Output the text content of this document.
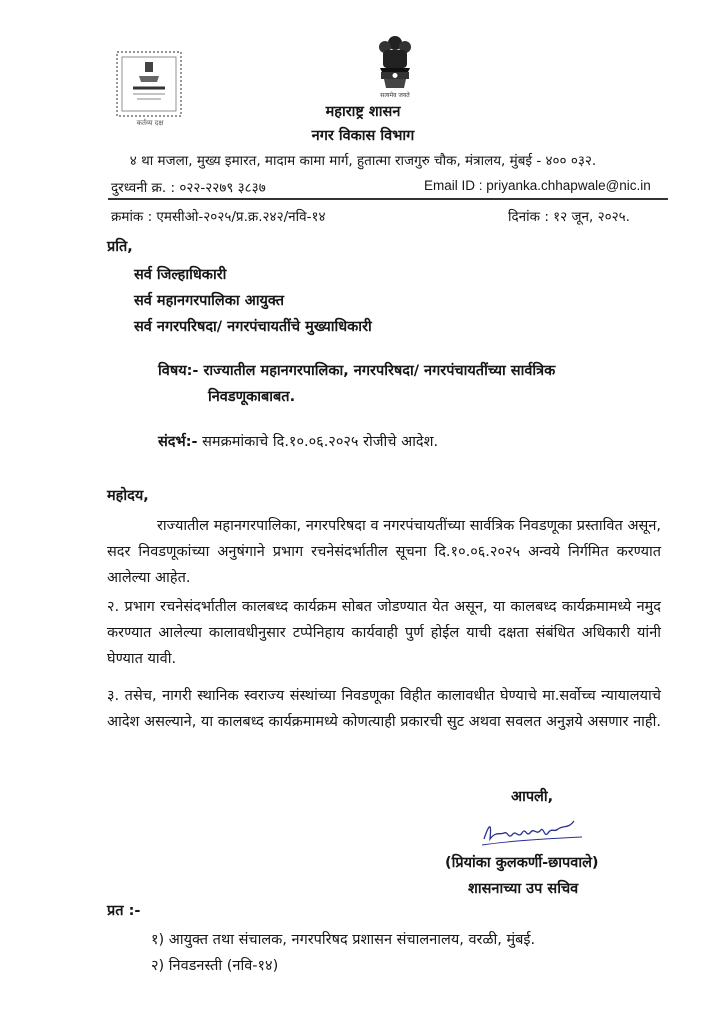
कर्तव्य दक्ष
सत्यमेव जयते
महाराष्ट्र शासन
नगर विकास विभाग
४ था मजला, मुख्य इमारत, मादाम कामा मार्ग, हुतात्मा राजगुरु चौक, मंत्रालय, मुंबई - ४०० ०३२.
दुरध्वनी क्र. : ०२२-२२७९ ३८३७	Email ID : priyanka.chhapwale@nic.in
क्रमांक : एमसीओ-२०२५/प्र.क्र.२४२/नवि-१४	दिनांक : १२ जून, २०२५.
प्रति,
सर्व जिल्हाधिकारी
सर्व महानगरपालिका आयुक्त
सर्व नगरपरिषदा/ नगरपंचायतींचे मुख्याधिकारी
विषय:- राज्यातील महानगरपालिका, नगरपरिषदा/ नगरपंचायतींच्या सार्वत्रिक
निवडणूकाबाबत.
संदर्भ:- समक्रमांकाचे दि.१०.०६.२०२५ रोजीचे आदेश.
महोदय,
राज्यातील महानगरपालिका, नगरपरिषदा व नगरपंचायतींच्या सार्वत्रिक निवडणूका प्रस्तावित असून, सदर निवडणूकांच्या अनुषंगाने प्रभाग रचनेसंदर्भातील सूचना दि.१०.०६.२०२५ अन्वये निर्गमित करण्यात आलेल्या आहेत.
२. प्रभाग रचनेसंदर्भातील कालबध्द कार्यक्रम सोबत जोडण्यात येत असून, या कालबध्द कार्यक्रमामध्ये नमुद करण्यात आलेल्या कालावधीनुसार टप्पेनिहाय कार्यवाही पुर्ण होईल याची दक्षता संबंधित अधिकारी यांनी घेण्यात यावी.
३. तसेच, नागरी स्थानिक स्वराज्य संस्थांच्या निवडणूका विहीत कालावधीत घेण्याचे मा.सर्वोच्च न्यायालयाचे आदेश असल्याने, या कालबध्द कार्यक्रमामध्ये कोणत्याही प्रकारची सुट अथवा सवलत अनुज्ञये असणार नाही.
आपली,
(प्रियांका कुलकर्णी-छापवाले)
शासनाच्या उप सचिव
प्रत :-
१) आयुक्त तथा संचालक, नगरपरिषद प्रशासन संचालनालय, वरळी, मुंबई.
२) निवडनस्ती (नवि-१४)
